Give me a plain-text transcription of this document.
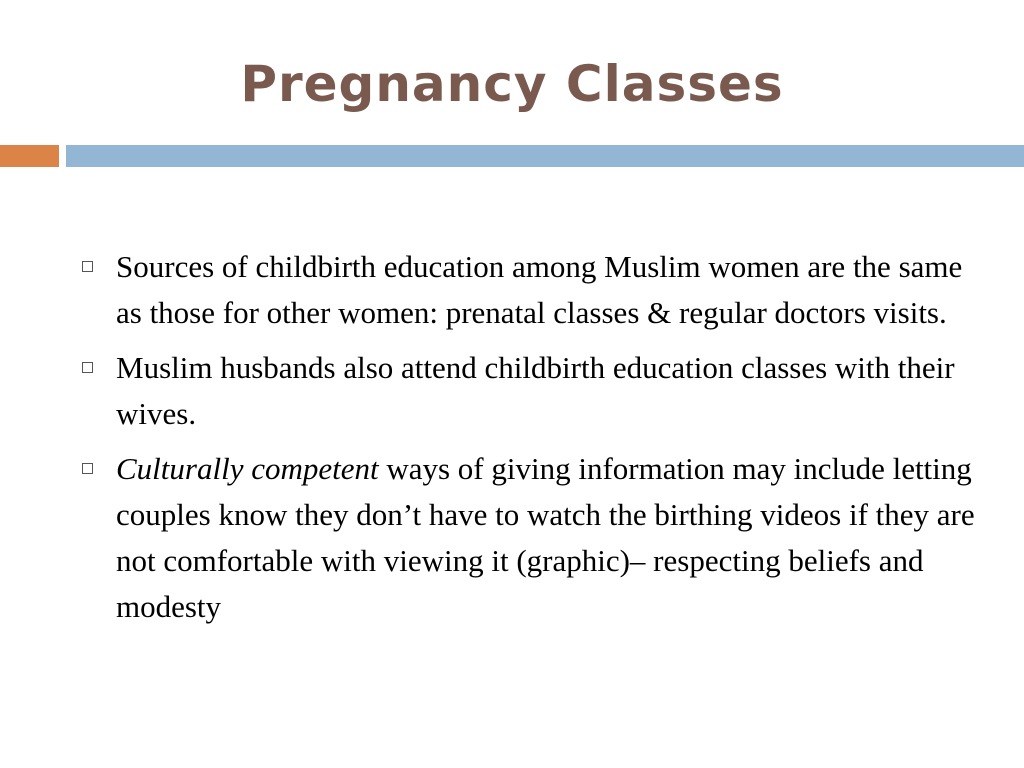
Pregnancy Classes
Sources of childbirth education among Muslim women are the same as those for other women: prenatal classes & regular doctors visits.
Muslim husbands also attend childbirth education classes with their wives.
Culturally competent ways of giving information may include letting couples know they don’t have to watch the birthing videos if they are not comfortable with viewing it (graphic)– respecting beliefs and modesty
